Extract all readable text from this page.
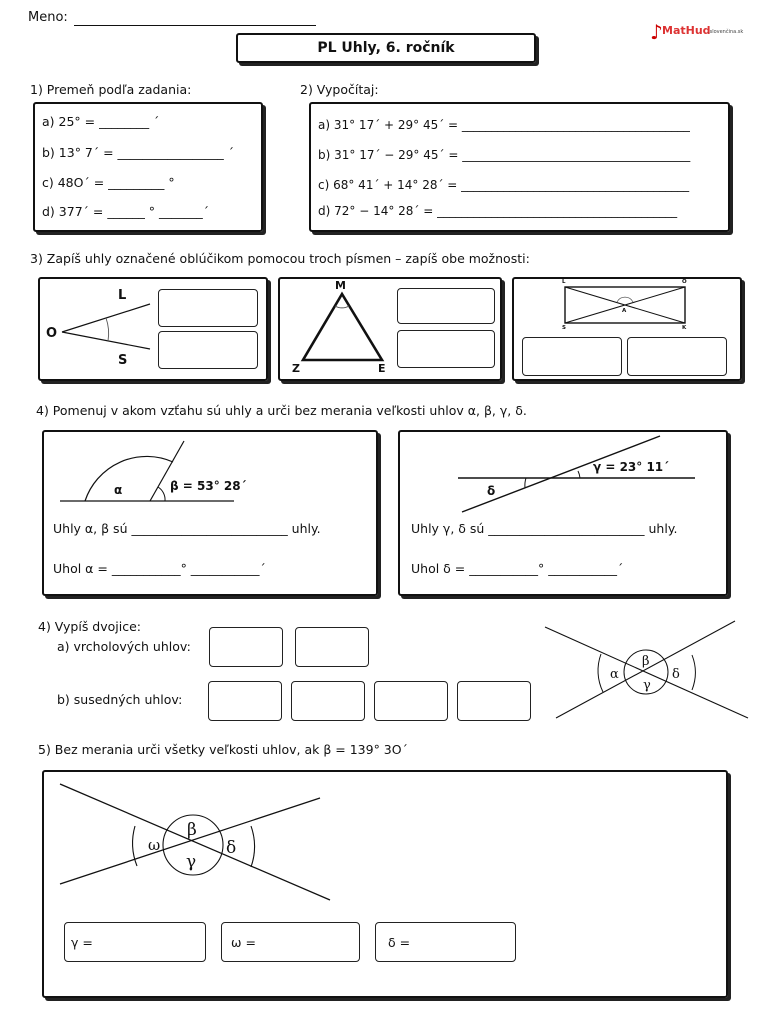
Meno:
PL Uhly, 6. ročník
♪ MatHud
.slovenčina.sk
1) Premeň podľa zadania:
a) 25° = ________ ´
b) 13° 7´ = _________________ ´
c) 48O´ = _________ °
d) 377´ = ______ ° _______´
2) Vypočítaj:
a) 31° 17´ + 29° 45´ = ______________________________________
b) 31° 17´ − 29° 45´ = ______________________________________
c) 68° 41´ + 14° 28´ = ______________________________________
d) 72° − 14° 28´ = ________________________________________
3) Zapíš uhly označené oblúčikom pomocou troch písmen – zapíš obe možnosti:
L
O
S
M
Z	E
L	O
S	K
A
4) Pomenuj v akom vzťahu sú uhly a urči bez merania veľkosti uhlov α, β, γ, δ.
α	β = 53° 28´
Uhly α, β sú _________________________ uhly.
Uhol α = ___________° ___________´
γ = 23° 11´
δ
Uhly γ, δ sú _________________________ uhly.
Uhol δ = ___________° ___________´
4) Vypíš dvojice:
a) vrcholových uhlov:
b) susedných uhlov:
β
γ
α	δ
5) Bez merania urči všetky veľkosti uhlov, ak β = 139° 3O´
β
γ
ω	δ
γ =	ω =	δ =
